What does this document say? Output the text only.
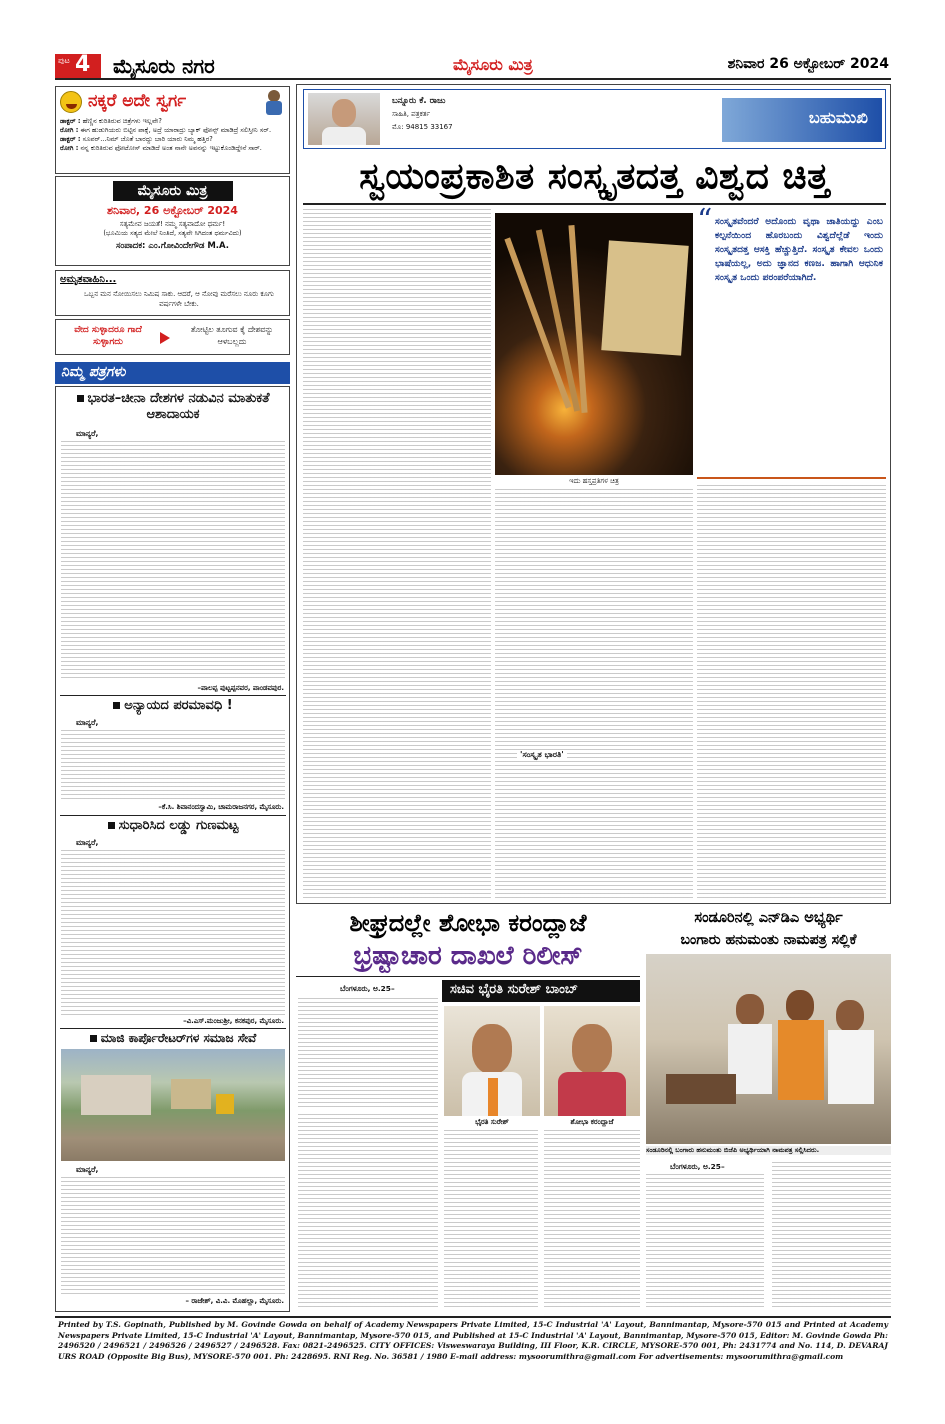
ಪುಟ 4 ಮೈಸೂರು ನಗರ	ಮೈಸೂರು ಮಿತ್ರ	ಶನಿವಾರ 26 ಅಕ್ಟೋಬರ್ 2024
ನಕ್ಕರೆ ಅದೇ ಸ್ವರ್ಗ
ಡಾಕ್ಟರ್ : ಹೆಣ್ಣಿನ ಕುರಿತಿರುವ ಚಿತ್ರೆಗಳು ಇಲ್ಲವೇ?
ರೋಗಿ : ಈಗ ಹುಡುಗಿಯರು ಬಿಟ್ಟಿನ ಪಾಕ್ಸೆ, ಅದ್ರೆ ಯಾರಾದ್ರು ಬ್ಯಾಕ್ ಫೋನ್ಸ್ ಮಾಡಿದ್ರೆ ಸಲಿಸ್ತೀನಿ ಸರ್.
ಡಾಕ್ಟರ್ : ಸೂಪರ್...ನಿಮ್ ಜೊತೆ ಬಾರದ್ದು ಬಾರಿ ಯಾರು ನಿಮ್ಮ ಹತ್ತಿರ?
ರೋಗಿ : ನನ್ನ ಕುರಿತಿರುವ ಫೋಟೋಸ್ ಮಾಡಿದೆ ಅಂತ ನಾನೇ ಅವನನ್ನು ಇಟ್ಟುಕೊಂಡಿದ್ದೇನೆ ಸಾರ್.
ಮೈಸೂರು ಮಿತ್ರ
ಶನಿವಾರ, 26 ಅಕ್ಟೋಬರ್ 2024
ಸತ್ಯಮೇವ ಜಯತೆ! ನಮ್ಮ ಸತ್ಯವಾದೋ ಧರ್ಮ!
(ಭೂಮಿಯ ಸತ್ಯದ ಮೇಲೆ ನಿಂತಿದೆ, ಸತ್ಯವೇ ಸಿಗಿದಂತ ಧರ್ಮವಿದು)
ಸಂಪಾದಕ: ಎಂ.ಗೋವಿಂದೇಗೌಡ M.A.
ಅಮೃತವಾಹಿನಿ...
ಒಬ್ಬನ ಮನ ನೋಯಿಸಲು ನಿಮಿಷ ಸಾಕು. ಆದರೆ, ಆ ನೋವು ಮರೆಸಲು ನೂರು ಕೂಗು ವರ್ಷಗಳೇ ಬೇಕು.
ವೇದ ಸುಳ್ಳಾದರೂ ಗಾದೆ ಸುಳ್ಳಾಗದು
ತೋಟ್ಟಿಲ ತೂಗುವ ಕೈ ದೇಶವನ್ನು ಆಳಬಲ್ಲದು
ನಿಮ್ಮ ಪತ್ರಗಳು
ಭಾರತ–ಚೀನಾ ದೇಶಗಳ ನಡುವಿನ ಮಾತುಕತೆ ಆಶಾದಾಯಕ
ಮಾನ್ಯರೆ,
–ಪಾಲಪ್ಪ ಪುಟ್ಟಪ್ಪನವರ, ಪಾಂಡವಪುರ.
ಅನ್ಯಾಯದ ಪರಮಾವಧಿ !
ಮಾನ್ಯರೆ,
–ಕೆ.ಸಿ. ಶಿವಾನಂದಸ್ವಾಮಿ, ಚಾಮರಾಜನಗರ, ಮೈಸೂರು.
ಸುಧಾರಿಸಿದ ಲಡ್ಡು ಗುಣಮಟ್ಟ
ಮಾನ್ಯರೆ,
–ವಿ.ಎಸ್.ಮಂಜುಶ್ರೀ, ಕನಕಪುರ, ಮೈಸೂರು.
ಮಾಜಿ ಕಾರ್ಪೊರೇಟರ್‌ಗಳ ಸಮಾಜ ಸೇವೆ
ಮಾನ್ಯರೆ,
– ರಾಜೇಶ್, ವಿ.ವಿ. ಮೊಹಲ್ಲಾ, ಮೈಸೂರು.
ಬನ್ನೂರು ಕೆ. ರಾಜು
ಸಾಹಿತಿ, ಪತ್ರಕರ್ತ
ಮೊ: 94815 33167	ಬಹುಮುಖಿ
ಸ್ವಯಂಪ್ರಕಾಶಿತ ಸಂಸ್ಕೃತದತ್ತ ವಿಶ್ವದ ಚಿತ್ತ
ಇದು ಹಸ್ತಪ್ರತಿಗಳ ಚಿತ್ರ
“ ಸಂಸ್ಕೃತವೆಂದರೆ ಅದೊಂದು ವೃಥಾ ಜಾತಿಯದ್ದು ಎಂಬ ಕಲ್ಪನೆಯಿಂದ ಹೊರಬಂದು ವಿಶ್ವದೆಲ್ಲೆಡೆ ಇಂದು ಸಂಸ್ಕೃತದತ್ತ ಆಸಕ್ತಿ ಹೆಚ್ಚುತ್ತಿದೆ. ಸಂಸ್ಕೃತ ಕೇವಲ ಒಂದು ಭಾಷೆಯಲ್ಲ, ಅದು ಜ್ಞಾನದ ಕಣಜ. ಹಾಗಾಗಿ ಆಧುನಿಕ ಸಂಸ್ಕೃತ ಒಂದು ಪರಂಪರೆಯಾಗಿದೆ.
'ಸಂಸ್ಕೃತ ಭಾರತಿ'
ಶೀಘ್ರದಲ್ಲೇ ಶೋಭಾ ಕರಂದ್ಲಾಜೆ
ಭ್ರಷ್ಟಾಚಾರ ದಾಖಲೆ ರಿಲೀಸ್
ಬೆಂಗಳೂರು, ಅ.25–	ಸಚಿವ ಭೈರತಿ ಸುರೇಶ್ ಬಾಂಬ್
ಭೈರತಿ ಸುರೇಶ್	ಶೋಭಾ ಕರಂದ್ಲಾಜೆ
ಸಂಡೂರಿನಲ್ಲಿ ಎನ್‌ಡಿಎ ಅಭ್ಯರ್ಥಿ
ಬಂಗಾರು ಹನುಮಂತು ನಾಮಪತ್ರ ಸಲ್ಲಿಕೆ
ಸಂಡೂರಿನಲ್ಲಿ ಬಂಗಾರು ಹನುಮಂತು ಬಿಜೆಪಿ ಅಭ್ಯರ್ಥಿಯಾಗಿ ನಾಮಪತ್ರ ಸಲ್ಲಿಸಿದರು.
ಬೆಂಗಳೂರು, ಅ.25–
Printed by T.S. Gopinath, Published by M. Govinde Gowda on behalf of Academy Newspapers Private Limited, 15-C Industrial 'A' Layout, Bannimantap, Mysore-570 015 and Printed at Academy Newspapers Private Limited, 15-C Industrial 'A' Layout, Bannimantap, Mysore-570 015, and Published at 15-C Industrial 'A' Layout, Bannimantap, Mysore-570 015, Editor: M. Govinde Gowda Ph: 2496520 / 2496521 / 2496526 / 2496527 / 2496528. Fax: 0821-2496525. CITY OFFICES: Visweswaraya Building, III Floor, K.R. CIRCLE, MYSORE-570 001, Ph: 2431774 and No. 114, D. DEVARAJ URS ROAD (Opposite Big Bus), MYSORE-570 001. Ph: 2428695. RNI Reg. No. 36581 / 1980 E-mail address: mysoorumithra@gmail.com For advertisements: mysoorumithra@gmail.com
